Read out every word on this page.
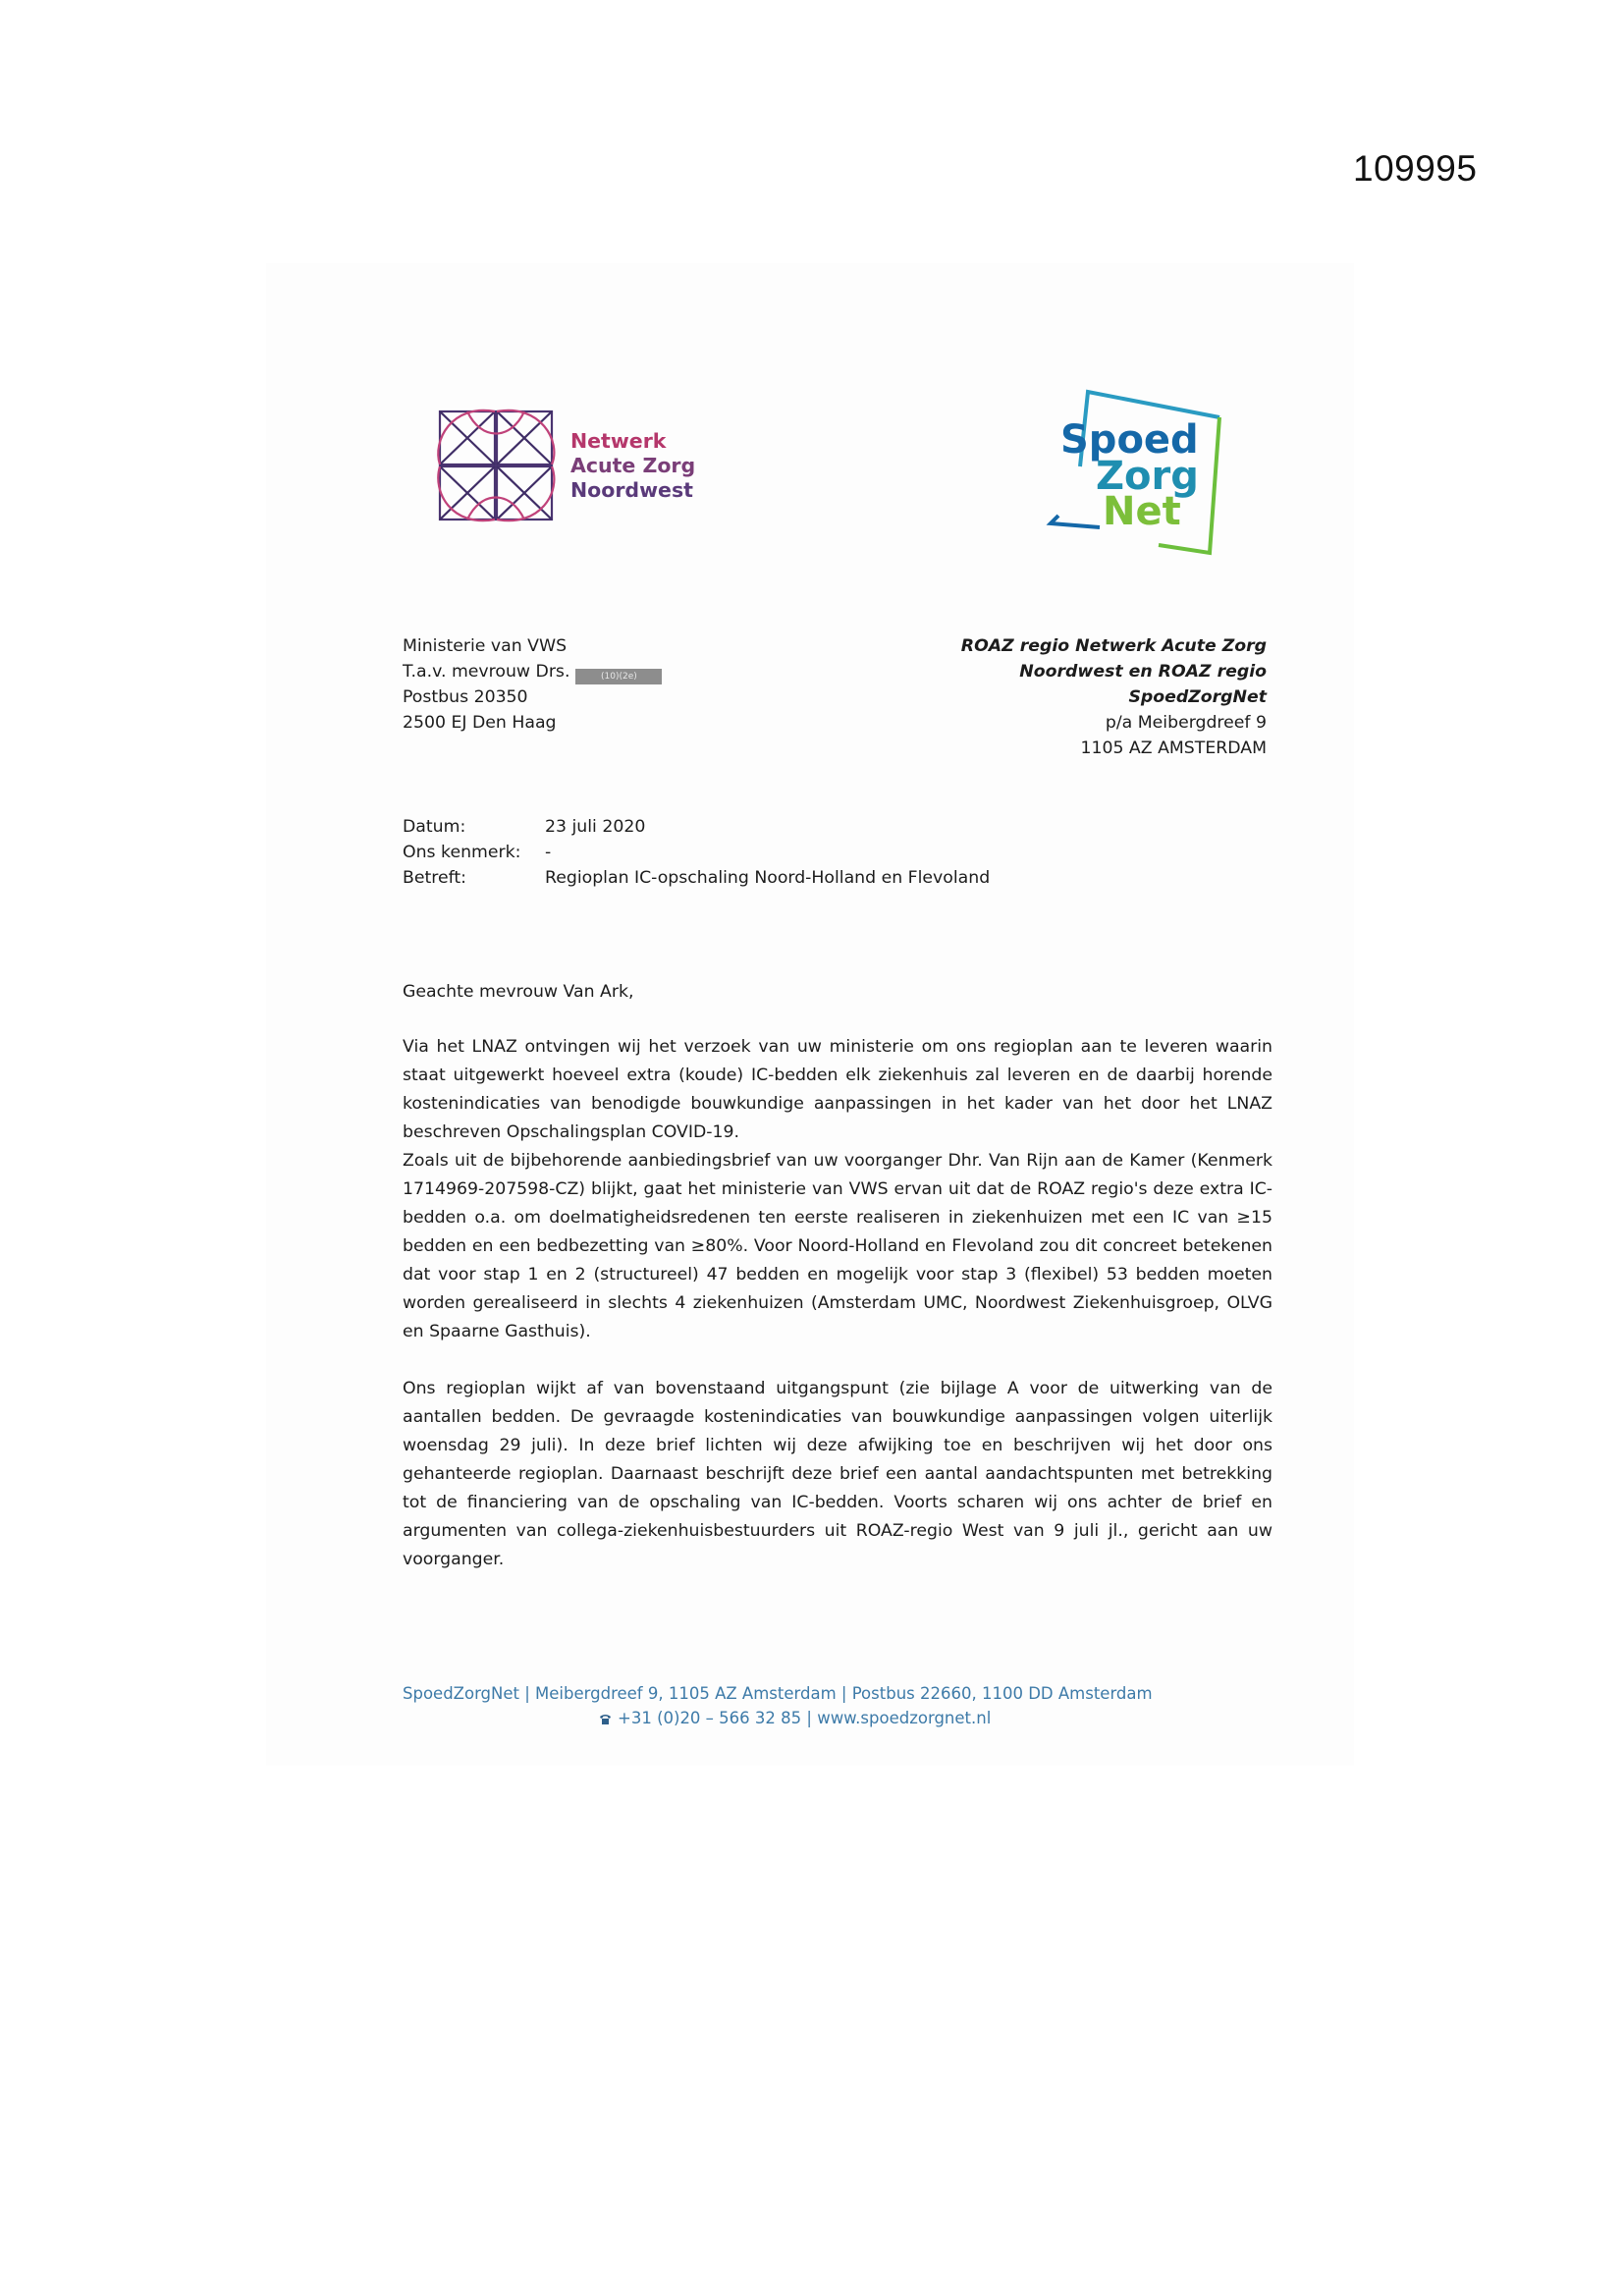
109995
Netwerk
Acute Zorg
Noordwest
Spoed
Zorg
Net
Ministerie van VWS
T.a.v. mevrouw Drs.	(10)(2e)
Postbus 20350
2500 EJ Den Haag
ROAZ regio Netwerk Acute Zorg
Noordwest en ROAZ regio
SpoedZorgNet
p/a Meibergdreef 9
1105 AZ AMSTERDAM
Datum:	23 juli 2020
Ons kenmerk: -
Betreft:	Regioplan IC-opschaling Noord-Holland en Flevoland
Geachte mevrouw Van Ark,

Via het LNAZ ontvingen wij het verzoek van uw ministerie om ons regioplan aan te leveren waarin staat uitgewerkt hoeveel extra (koude) IC-bedden elk ziekenhuis zal leveren en de daarbij horende kostenindicaties van benodigde bouwkundige aanpassingen in het kader van het door het LNAZ beschreven Opschalingsplan COVID-19.

Zoals uit de bijbehorende aanbiedingsbrief van uw voorganger Dhr. Van Rijn aan de Kamer (Kenmerk 1714969-207598-CZ) blijkt, gaat het ministerie van VWS ervan uit dat de ROAZ regio's deze extra IC-bedden o.a. om doelmatigheidsredenen ten eerste realiseren in ziekenhuizen met een IC van ≥15 bedden en een bedbezetting van ≥80%. Voor Noord-Holland en Flevoland zou dit concreet betekenen dat voor stap 1 en 2 (structureel) 47 bedden en mogelijk voor stap 3 (flexibel) 53 bedden moeten worden gerealiseerd in slechts 4 ziekenhuizen (Amsterdam UMC, Noordwest Ziekenhuisgroep, OLVG en Spaarne Gasthuis).

Ons regioplan wijkt af van bovenstaand uitgangspunt (zie bijlage A voor de uitwerking van de aantallen bedden. De gevraagde kostenindicaties van bouwkundige aanpassingen volgen uiterlijk woensdag 29 juli). In deze brief lichten wij deze afwijking toe en beschrijven wij het door ons gehanteerde regioplan. Daarnaast beschrijft deze brief een aantal aandachtspunten met betrekking tot de financiering van de opschaling van IC-bedden. Voorts scharen wij ons achter de brief en argumenten van collega-ziekenhuisbestuurders uit ROAZ-regio West van 9 juli jl., gericht aan uw voorganger.

SpoedZorgNet | Meibergdreef 9, 1105 AZ Amsterdam | Postbus 22660, 1100 DD Amsterdam
+31 (0)20 – 566 32 85 | www.spoedzorgnet.nl
